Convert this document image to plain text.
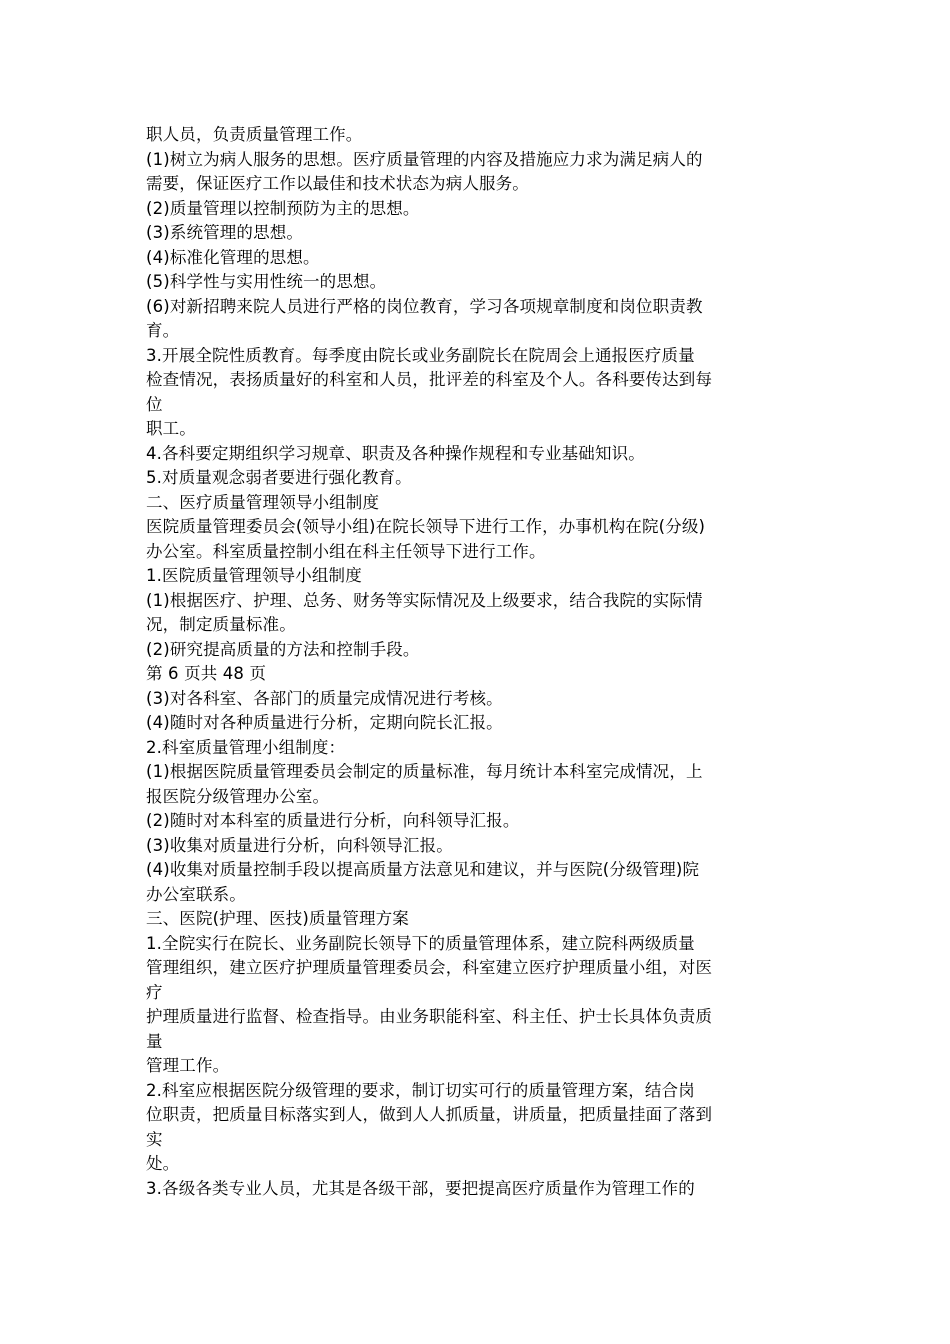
职人员，负责质量管理工作。
(1)树立为病人服务的思想。医疗质量管理的内容及措施应力求为满足病人的
需要，保证医疗工作以最佳和技术状态为病人服务。
(2)质量管理以控制预防为主的思想。
(3)系统管理的思想。
(4)标准化管理的思想。
(5)科学性与实用性统一的思想。
(6)对新招聘来院人员进行严格的岗位教育，学习各项规章制度和岗位职责教
育。
3.开展全院性质教育。每季度由院长或业务副院长在院周会上通报医疗质量
检查情况，表扬质量好的科室和人员，批评差的科室及个人。各科要传达到每
位
职工。
4.各科要定期组织学习规章、职责及各种操作规程和专业基础知识。
5.对质量观念弱者要进行强化教育。
二、医疗质量管理领导小组制度
医院质量管理委员会(领导小组)在院长领导下进行工作，办事机构在院(分级)
办公室。科室质量控制小组在科主任领导下进行工作。
1.医院质量管理领导小组制度
(1)根据医疗、护理、总务、财务等实际情况及上级要求，结合我院的实际情
况，制定质量标准。
(2)研究提高质量的方法和控制手段。
第 6 页共 48 页
(3)对各科室、各部门的质量完成情况进行考核。
(4)随时对各种质量进行分析，定期向院长汇报。
2.科室质量管理小组制度：
(1)根据医院质量管理委员会制定的质量标准，每月统计本科室完成情况，上
报医院分级管理办公室。
(2)随时对本科室的质量进行分析，向科领导汇报。
(3)收集对质量进行分析，向科领导汇报。
(4)收集对质量控制手段以提高质量方法意见和建议，并与医院(分级管理)院
办公室联系。
三、医院(护理、医技)质量管理方案
1.全院实行在院长、业务副院长领导下的质量管理体系，建立院科两级质量
管理组织，建立医疗护理质量管理委员会，科室建立医疗护理质量小组，对医
疗
护理质量进行监督、检查指导。由业务职能科室、科主任、护士长具体负责质
量
管理工作。
2.科室应根据医院分级管理的要求，制订切实可行的质量管理方案，结合岗
位职责，把质量目标落实到人，做到人人抓质量，讲质量，把质量挂面了落到
实
处。
3.各级各类专业人员，尤其是各级干部，要把提高医疗质量作为管理工作的
